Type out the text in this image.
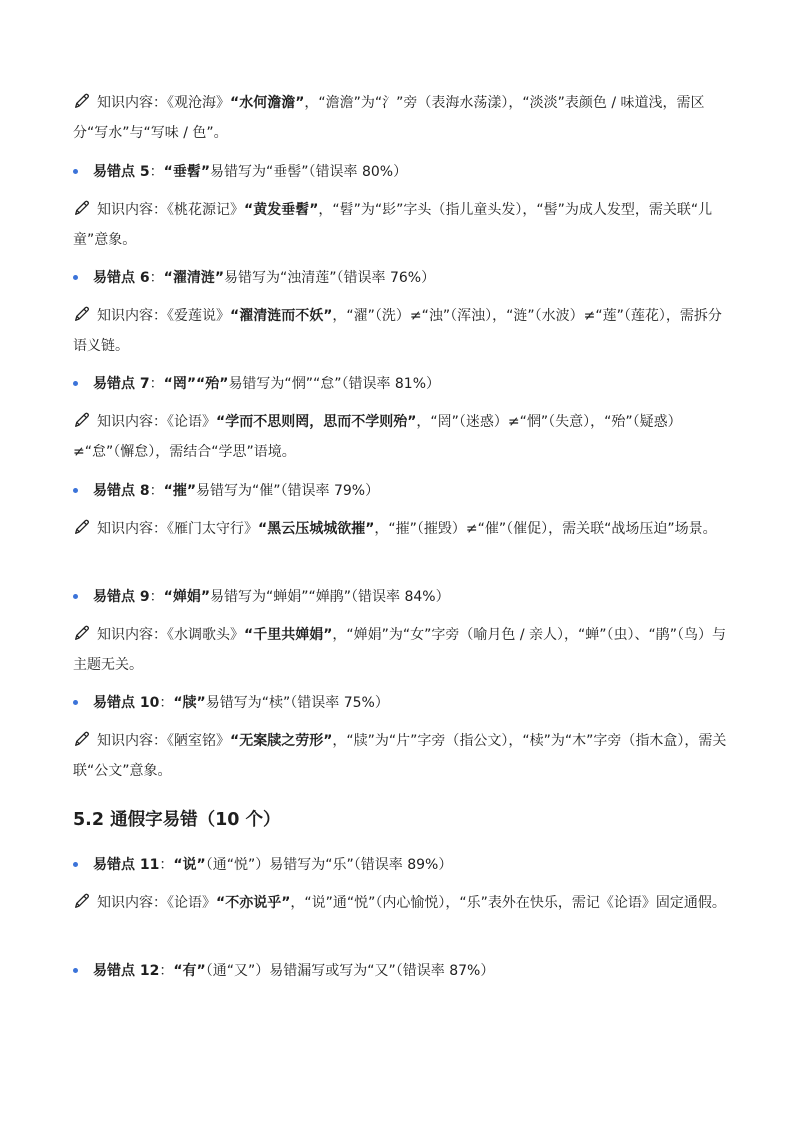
知识内容：《观沧海》“水何澹澹”，“澹澹”为“氵”旁（表海水荡漾），“淡淡”表颜色 / 味道浅，需区分“写水”与“写味 / 色”。
易错点 5：“垂髫”易错写为“垂髻”（错误率 80%）
知识内容：《桃花源记》“黄发垂髫”，“髫”为“髟”字头（指儿童头发），“髻”为成人发型，需关联“儿童”意象。
易错点 6：“濯清涟”易错写为“浊清莲”（错误率 76%）
知识内容：《爱莲说》“濯清涟而不妖”，“濯”（洗）≠“浊”（浑浊），“涟”（水波）≠“莲”（莲花），需拆分语义链。
易错点 7：“罔”“殆”易错写为“惘”“怠”（错误率 81%）
知识内容：《论语》“学而不思则罔，思而不学则殆”，“罔”（迷惑）≠“惘”（失意），“殆”（疑惑）≠“怠”（懈怠），需结合“学思”语境。
易错点 8：“摧”易错写为“催”（错误率 79%）
知识内容：《雁门太守行》“黑云压城城欲摧”，“摧”（摧毁）≠“催”（催促），需关联“战场压迫”场景。
易错点 9：“婵娟”易错写为“蝉娟”“婵鹃”（错误率 84%）
知识内容：《水调歌头》“千里共婵娟”，“婵娟”为“女”字旁（喻月色 / 亲人），“蝉”（虫）、“鹃”（鸟）与主题无关。
易错点 10：“牍”易错写为“椟”（错误率 75%）
知识内容：《陋室铭》“无案牍之劳形”，“牍”为“片”字旁（指公文），“椟”为“木”字旁（指木盒），需关联“公文”意象。
5.2 通假字易错（10 个）
易错点 11：“说”（通“悦”）易错写为“乐”（错误率 89%）
知识内容：《论语》“不亦说乎”，“说”通“悦”（内心愉悦），“乐”表外在快乐，需记《论语》固定通假。
易错点 12：“有”（通“又”）易错漏写或写为“又”（错误率 87%）
